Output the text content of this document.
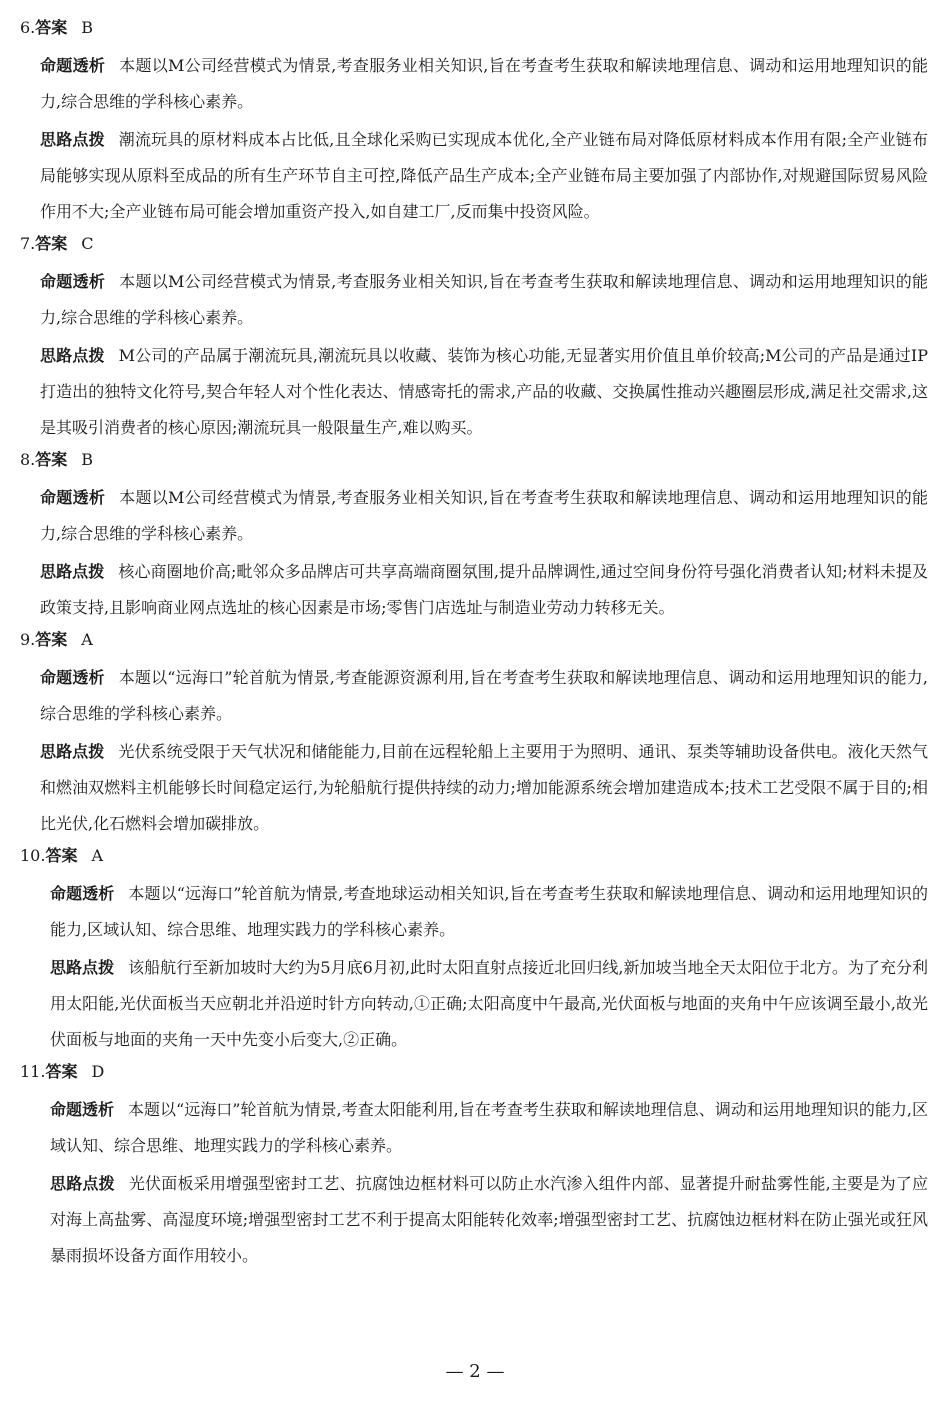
6.答案 B

命题透析 本题以M公司经营模式为情景,考查服务业相关知识,旨在考查考生获取和解读地理信息、调动和运用地理知识的能力,综合思维的学科核心素养。

思路点拨 潮流玩具的原材料成本占比低,且全球化采购已实现成本优化,全产业链布局对降低原材料成本作用有限;全产业链布局能够实现从原料至成品的所有生产环节自主可控,降低产品生产成本;全产业链布局主要加强了内部协作,对规避国际贸易风险作用不大;全产业链布局可能会增加重资产投入,如自建工厂,反而集中投资风险。

7.答案 C

命题透析 本题以M公司经营模式为情景,考查服务业相关知识,旨在考查考生获取和解读地理信息、调动和运用地理知识的能力,综合思维的学科核心素养。

思路点拨 M公司的产品属于潮流玩具,潮流玩具以收藏、装饰为核心功能,无显著实用价值且单价较高;M公司的产品是通过IP打造出的独特文化符号,契合年轻人对个性化表达、情感寄托的需求,产品的收藏、交换属性推动兴趣圈层形成,满足社交需求,这是其吸引消费者的核心原因;潮流玩具一般限量生产,难以购买。

8.答案 B

命题透析 本题以M公司经营模式为情景,考查服务业相关知识,旨在考查考生获取和解读地理信息、调动和运用地理知识的能力,综合思维的学科核心素养。

思路点拨 核心商圈地价高;毗邻众多品牌店可共享高端商圈氛围,提升品牌调性,通过空间身份符号强化消费者认知;材料未提及政策支持,且影响商业网点选址的核心因素是市场;零售门店选址与制造业劳动力转移无关。

9.答案 A

命题透析 本题以“远海口”轮首航为情景,考查能源资源利用,旨在考查考生获取和解读地理信息、调动和运用地理知识的能力,综合思维的学科核心素养。

思路点拨 光伏系统受限于天气状况和储能能力,目前在远程轮船上主要用于为照明、通讯、泵类等辅助设备供电。液化天然气和燃油双燃料主机能够长时间稳定运行,为轮船航行提供持续的动力;增加能源系统会增加建造成本;技术工艺受限不属于目的;相比光伏,化石燃料会增加碳排放。

10.答案 A

命题透析 本题以“远海口”轮首航为情景,考查地球运动相关知识,旨在考查考生获取和解读地理信息、调动和运用地理知识的能力,区域认知、综合思维、地理实践力的学科核心素养。

思路点拨 该船航行至新加坡时大约为5月底6月初,此时太阳直射点接近北回归线,新加坡当地全天太阳位于北方。为了充分利用太阳能,光伏面板当天应朝北并沿逆时针方向转动,①正确;太阳高度中午最高,光伏面板与地面的夹角中午应该调至最小,故光伏面板与地面的夹角一天中先变小后变大,②正确。

11.答案 D

命题透析 本题以“远海口”轮首航为情景,考查太阳能利用,旨在考查考生获取和解读地理信息、调动和运用地理知识的能力,区域认知、综合思维、地理实践力的学科核心素养。

思路点拨 光伏面板采用增强型密封工艺、抗腐蚀边框材料可以防止水汽渗入组件内部、显著提升耐盐雾性能,主要是为了应对海上高盐雾、高湿度环境;增强型密封工艺不利于提高太阳能转化效率;增强型密封工艺、抗腐蚀边框材料在防止强光或狂风暴雨损坏设备方面作用较小。

— 2 —
